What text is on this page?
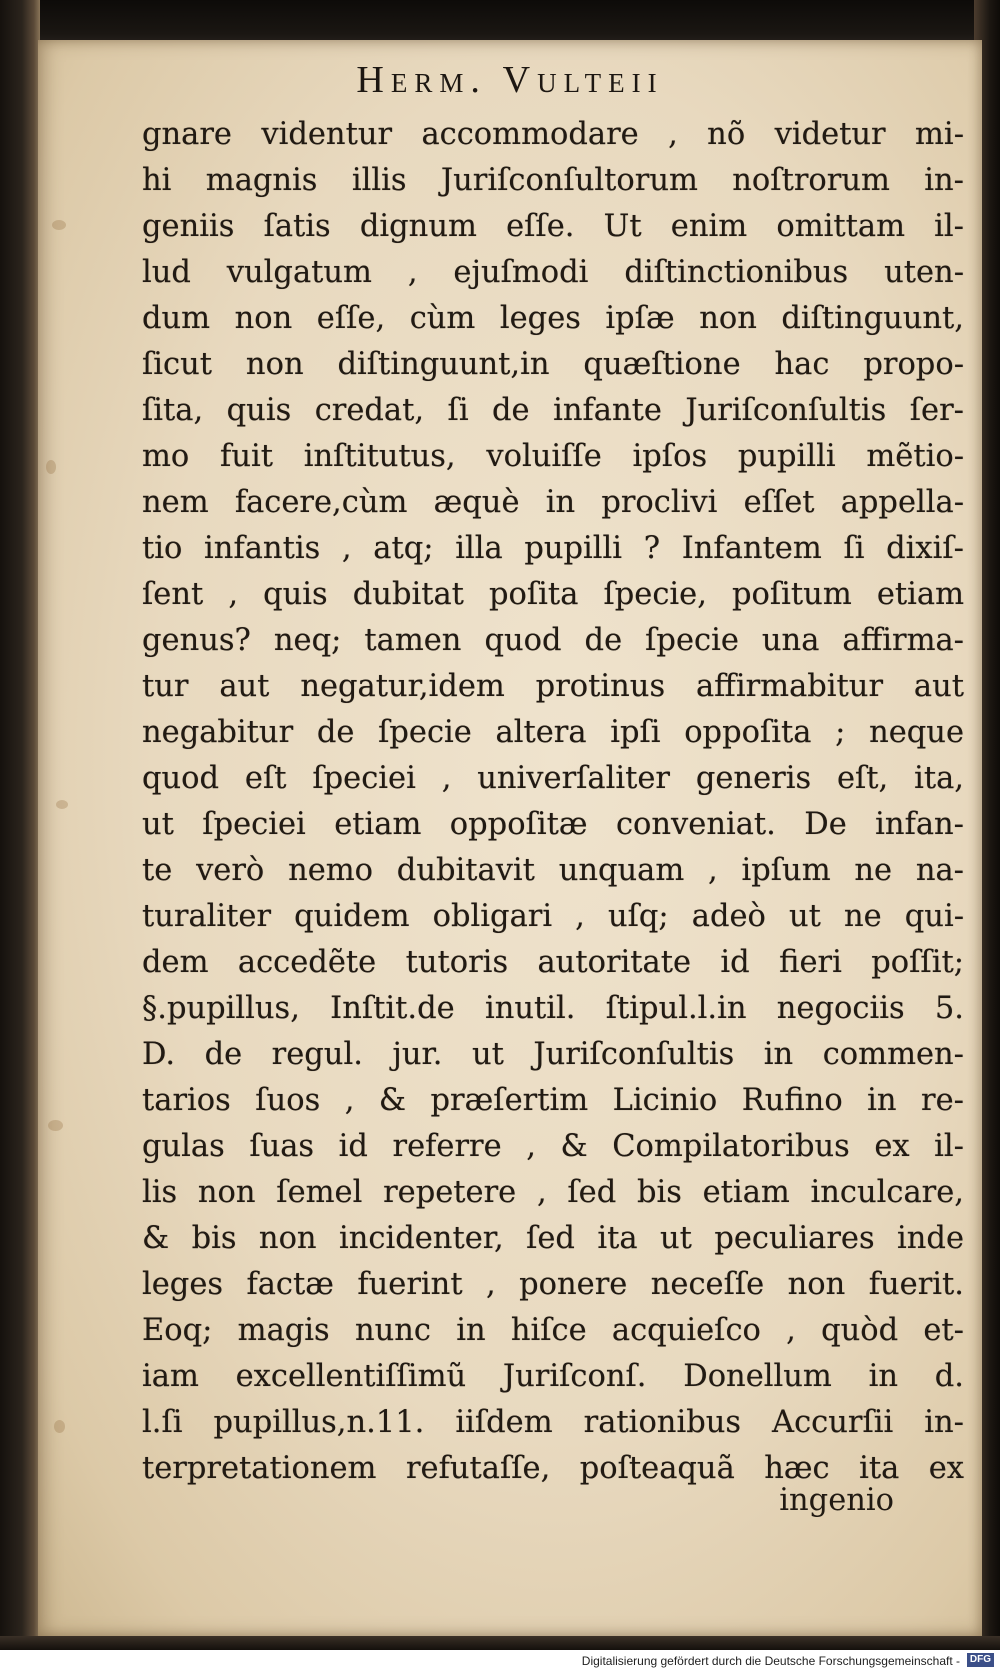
Herm. Vulteii
gnare videntur accommodare , nõ videtur mi-
hi magnis illis Juriſconſultorum noſtrorum in-
geniis ſatis dignum eſſe. Ut enim omittam il-
lud vulgatum , ejuſmodi diſtinctionibus uten-
dum non eſſe, cùm leges ipſæ non diſtinguunt,
ſicut non diſtinguunt,in quæſtione hac propo-
ſita, quis credat, ſi de infante Juriſconſultis ſer-
mo fuit inſtitutus, voluiſſe ipſos pupilli mẽtio-
nem facere,cùm æquè in proclivi eſſet appella-
tio infantis , atq; illa pupilli ? Infantem ſi dixiſ-
ſent , quis dubitat poſita ſpecie, poſitum etiam
genus? neq; tamen quod de ſpecie una affirma-
tur aut negatur,idem protinus affirmabitur aut
negabitur de ſpecie altera ipſi oppoſita ; neque
quod eſt ſpeciei , univerſaliter generis eſt, ita,
ut ſpeciei etiam oppoſitæ conveniat. De infan-
te verò nemo dubitavit unquam , ipſum ne na-
turaliter quidem obligari , uſq; adeò ut ne qui-
dem accedẽte tutoris autoritate id fieri poſſit;
§.pupillus, Inſtit.de inutil. ſtipul.l.in negociis 5.
D. de regul. jur. ut Juriſconſultis in commen-
tarios ſuos , & præſertim Licinio Rufino in re-
gulas ſuas id referre , & Compilatoribus ex il-
lis non ſemel repetere , ſed bis etiam inculcare,
& bis non incidenter, ſed ita ut peculiares inde
leges factæ fuerint , ponere neceſſe non fuerit.
Eoq; magis nunc in hiſce acquieſco , quòd et-
iam excellentiſſimũ Juriſconſ. Donellum in d.
l.ſi pupillus,n.11. iiſdem rationibus Accurſii in-
terpretationem refutaſſe, poſteaquã hæc ita ex
ingenio
Digitalisierung gefördert durch die Deutsche Forschungsgemeinschaft - DFG
